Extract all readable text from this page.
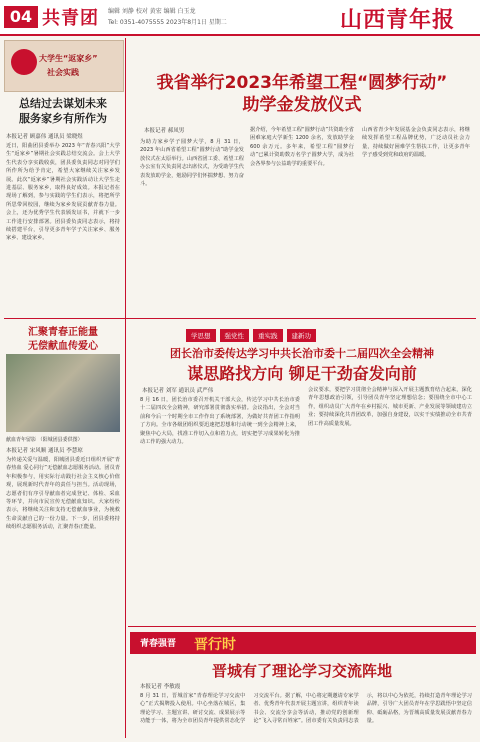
04 共青团 编辑 刘静 校对 黄宏 编辑 白玉龙
Tel: 0351-4075555 2023年8月1日 星期二	山西青年报
大学生“返家乡”
社会实践
总结过去谋划未来
服务家乡有所作为
本报记者 顾嘉伟 通讯员 梁晓煜
近日，阳曲团县委举办 2023 年“青春兴阳”大学生“返家乡”暑期社会实践总结交流会。会上大学生代表分享实践收获，团县委负责同志对同学们所作所为给予肯定，希望大家继续关注家乡发展。此次“返家乡”暑期社会实践活动让大学生走进基层、服务家乡，取得良好成效。本报记者在现场了解到，参与实践的学生们表示，将把所学所思带回校园，继续为家乡发展贡献青春力量。会上，还为优秀学生代表颁发证书，并就下一步工作进行安排部署。团县委负责同志表示，将持续搭建平台，引导更多青年学子关注家乡、服务家乡、建设家乡。
我省举行2023年希望工程“圆梦行动”
助学金发放仪式
本报记者 郝凤男
为助力家乡学子圆梦大学，8 月 31 日，2023 年山西省希望工程“圆梦行动”助学金发放仪式在太原举行。山西省团工委、希望工程办公室有关负责同志出席仪式，为受助学生代表发放助学金，勉励同学们怀揣梦想、努力奋斗。
据介绍，今年希望工程“圆梦行动”共资助全省困难家庭大学新生 1200 余名，发放助学金 600 余万元。多年来，希望工程“圆梦行动”已累计资助数万名学子圆梦大学，成为社会各界参与公益助学的重要平台。
山西省青少年发展基金会负责同志表示，将继续发挥希望工程品牌优势，广泛动员社会力量，持续做好困难学生帮扶工作，让更多青年学子感受到党和政府的温暖。
学思想 强党性 重实践 建新功
团长治市委传达学习中共长治市委十二届四次全会精神
谋思路找方向 铆足干劲奋发向前
本报记者 刘军 通讯员 武严伟
8 月 16 日，团长治市委召开机关干部大会，传达学习中共长治市委十二届四次全会精神，研究部署贯彻落实举措。会议指出，全会对当前和今后一个时期全市工作作出了系统部署，为做好共青团工作指明了方向。全市各级团组织要迅速把思想和行动统一到全会精神上来，聚焦中心大局，找准工作切入点和着力点，切实把学习成果转化为推动工作的强大动力。
会议要求，要把学习贯彻全会精神与深入开展主题教育结合起来，深化青年思想政治引领，引导团员青年坚定理想信念；要围绕全市中心工作，组织动员广大青年在乡村振兴、城市更新、产业发展等领域建功立业；要持续深化共青团改革，加强自身建设，以实干实绩推动全市共青团工作高质量发展。
汇聚青春正能量
无偿献血传爱心
献血青年留影 （阳城团县委供图）
本报记者 宋风顺 通讯员 李慧琼
为传递关爱与温暖，阳城团县委近日组织开展“青春热血 爱心同行”无偿献血志愿服务活动。团员青年积极参与，用实际行动践行社会主义核心价值观，展现新时代青年的责任与担当。活动现场，志愿者们有序引导献血者完成登记、体检、采血等环节，并向市民宣传无偿献血知识。大家纷纷表示，将继续关注和支持无偿献血事业，为挽救生命贡献自己的一份力量。下一步，团县委将持续组织志愿服务活动，汇聚青春正能量。
青春强晋 晋行时
晋城有了理论学习交流阵地
本报记者 李敏霞
8 月 31 日，晋城首家“青春理论学习交流中心”正式揭牌投入使用。中心坐落在城区，集理论学习、主题宣讲、研讨交流、成果展示等功能于一体，将为全市团员青年提供常态化学习交流平台。据了解，中心将定期邀请专家学者、优秀青年代表开展主题宣讲，组织青年读书会、交流分享会等活动，推动党的创新理论“飞入寻常百姓家”。团市委有关负责同志表示，将以中心为依托，持续打造青年理论学习品牌，引导广大团员青年在学思践悟中坚定信仰、砥砺品格，为晋城高质量发展贡献青春力量。
